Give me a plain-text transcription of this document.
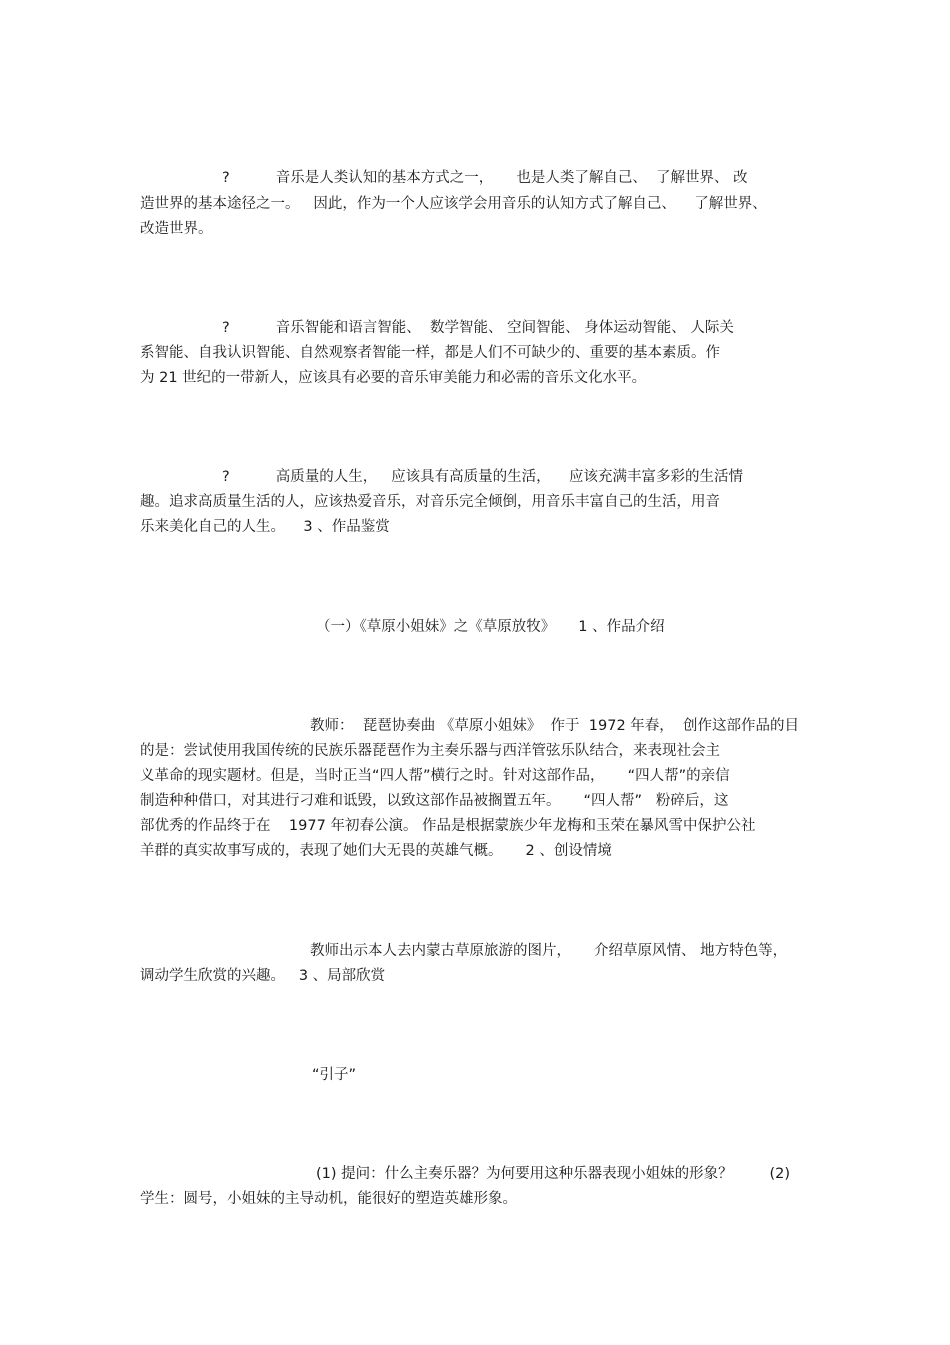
?          音乐是人类认知的基本方式之一，     也是人类了解自己、  了解世界、 改
造世界的基本途径之一。   因此，作为一个人应该学会用音乐的认知方式了解自己、    了解世界、
改造世界。
?          音乐智能和语言智能、  数学智能、 空间智能、 身体运动智能、 人际关
系智能、自我认识智能、自然观察者智能一样，都是人们不可缺少的、重要的基本素质。作
为 21 世纪的一带新人，应该具有必要的音乐审美能力和必需的音乐文化水平。
?          高质量的人生，   应该具有高质量的生活，    应该充满丰富多彩的生活情
趣。追求高质量生活的人，应该热爱音乐，对音乐完全倾倒，用音乐丰富自己的生活，用音
乐来美化自己的人生。    3 、作品鉴赏
（一）《草原小姐妹》之《草原放牧》     1 、作品介绍
教师：  琵琶协奏曲 《草原小姐妹》  作于  1972 年春，  创作这部作品的目
的是：尝试使用我国传统的民族乐器琵琶作为主奏乐器与西洋管弦乐队结合，来表现社会主
义革命的现实题材。但是，当时正当“四人帮”横行之时。针对这部作品，     “四人帮”的亲信
制造种种借口，对其进行刁难和诋毁，以致这部作品被搁置五年。     “四人帮”   粉碎后，这
部优秀的作品终于在    1977 年初春公演。 作品是根据蒙族少年龙梅和玉荣在暴风雪中保护公社
羊群的真实故事写成的，表现了她们大无畏的英雄气概。     2 、创设情境
教师出示本人去内蒙古草原旅游的图片，     介绍草原风情、 地方特色等，
调动学生欣赏的兴趣。   3 、局部欣赏
“引子”
(1) 提问：什么主奏乐器？为何要用这种乐器表现小姐妹的形象？        (2)
学生：圆号，小姐妹的主导动机，能很好的塑造英雄形象。
